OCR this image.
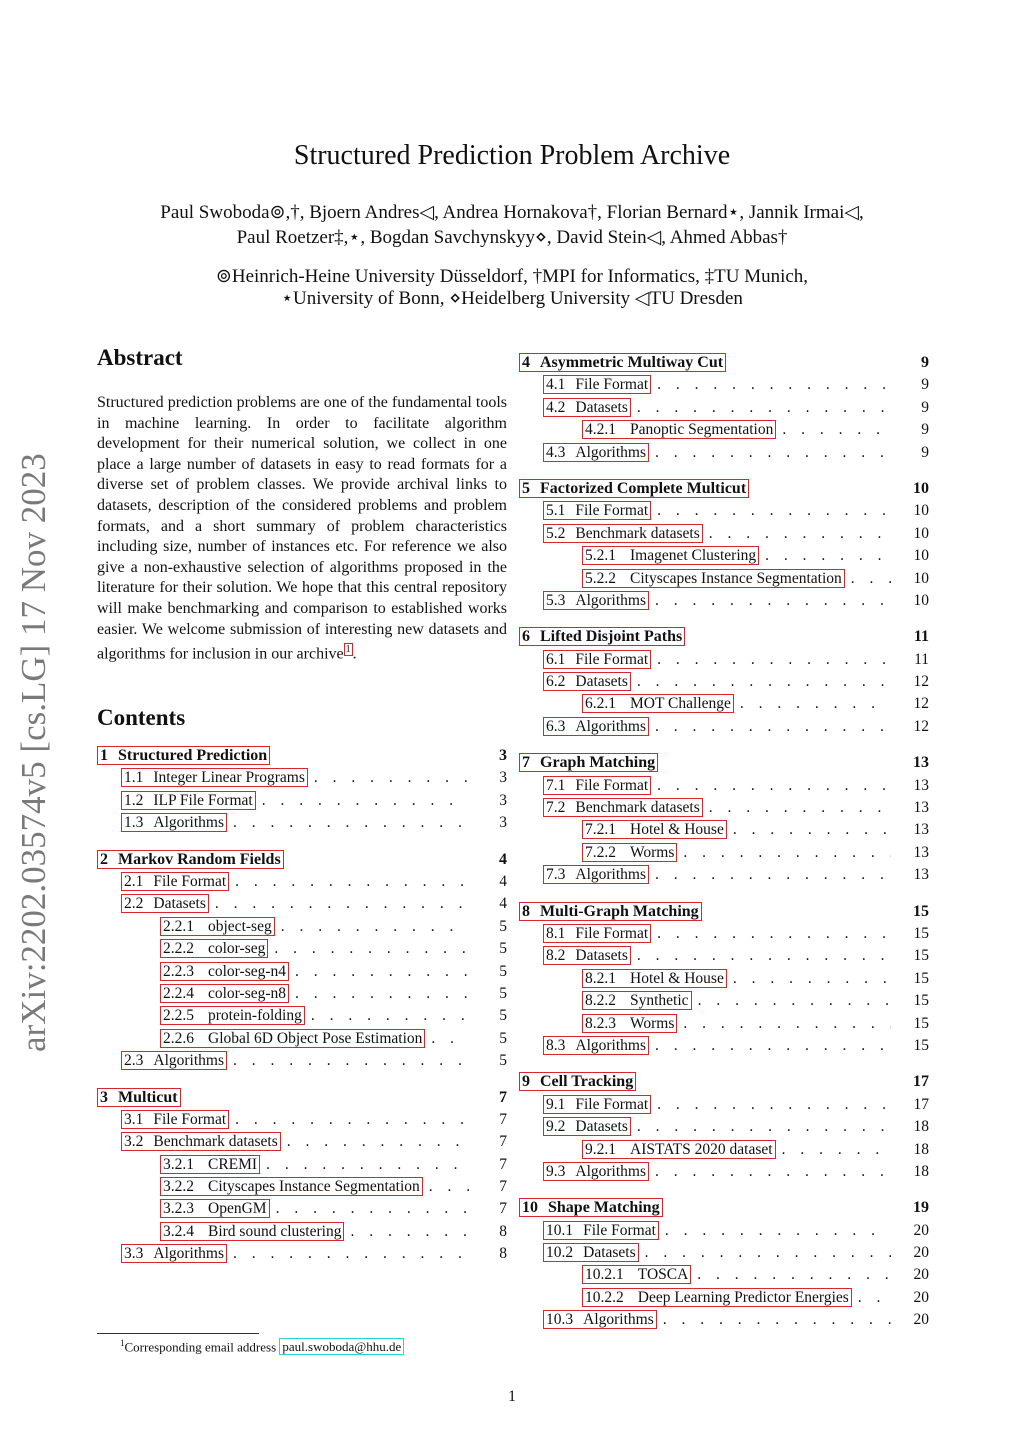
arXiv:2202.03574v5 [cs.LG] 17 Nov 2023
Structured Prediction Problem Archive
Paul Swoboda⊚,†, Bjoern Andres◁, Andrea Hornakova†, Florian Bernard⋆, Jannik Irmai◁,
Paul Roetzer‡,⋆, Bogdan Savchynskyy⋄, David Stein◁, Ahmed Abbas†
⊚Heinrich-Heine University Düsseldorf, †MPI for Informatics, ‡TU Munich,
⋆University of Bonn, ⋄Heidelberg University ◁TU Dresden
Abstract
Structured prediction problems are one of the fundamental tools in machine learning. In order to facilitate algorithm development for their numerical solution, we collect in one place a large number of datasets in easy to read formats for a diverse set of problem classes. We provide archival links to datasets, description of the considered problems and problem formats, and a short summary of problem characteristics including size, number of instances etc. For reference we also give a non-exhaustive selection of algorithms proposed in the literature for their solution. We hope that this central repository will make benchmarking and comparison to established works easier. We welcome submission of interesting new datasets and algorithms for inclusion in our archive $^1$ .
Contents
1 Structured Prediction	3
1.1 Integer Linear Programs . . .	3
1.2 ILP File Format . . .	3
1.3 Algorithms . . .	3
2 Markov Random Fields	4
2.1 File Format . . .	4
2.2 Datasets . . .	4
2.2.1 object-seg . . .	5
2.2.2 color-seg . . .	5
2.2.3 color-seg-n4 . . .	5
2.2.4 color-seg-n8 . . .	5
2.2.5 protein-folding . . .	5
2.2.6 Global 6D Object Pose Estimation . . .	5
2.3 Algorithms . . .	5
3 Multicut	7
3.1 File Format . . .	7
3.2 Benchmark datasets . . .	7
3.2.1 CREMI . . .	7
3.2.2 Cityscapes Instance Segmentation . . .	7
3.2.3 OpenGM . . .	7
3.2.4 Bird sound clustering . . .	8
3.3 Algorithms . . .	8
4 Asymmetric Multiway Cut	9
4.1 File Format . . .	9
4.2 Datasets . . .	9
4.2.1 Panoptic Segmentation . . .	9
4.3 Algorithms . . .	9
5 Factorized Complete Multicut	10
5.1 File Format . . .	10
5.2 Benchmark datasets . . .	10
5.2.1 Imagenet Clustering . . .	10
5.2.2 Cityscapes Instance Segmentation . . .	10
5.3 Algorithms . . .	10
6 Lifted Disjoint Paths	11
6.1 File Format . . .	11
6.2 Datasets . . .	12
6.2.1 MOT Challenge . . .	12
6.3 Algorithms . . .	12
7 Graph Matching	13
7.1 File Format . . .	13
7.2 Benchmark datasets . . .	13
7.2.1 Hotel & House . . .	13
7.2.2 Worms . . .	13
7.3 Algorithms . . .	13
8 Multi-Graph Matching	15
8.1 File Format . . .	15
8.2 Datasets . . .	15
8.2.1 Hotel & House . . .	15
8.2.2 Synthetic . . .	15
8.2.3 Worms . . .	15
8.3 Algorithms . . .	15
9 Cell Tracking	17
9.1 File Format . . .	17
9.2 Datasets . . .	18
9.2.1 AISTATS 2020 dataset . . .	18
9.3 Algorithms . . .	18
10 Shape Matching	19
10.1 File Format . . .	20
10.2 Datasets . . .	20
10.2.1 TOSCA . . .	20
10.2.2 Deep Learning Predictor Energies . . .	20
10.3 Algorithms . . .	20
$^1$Corresponding email address paul.swoboda@hhu.de
1
